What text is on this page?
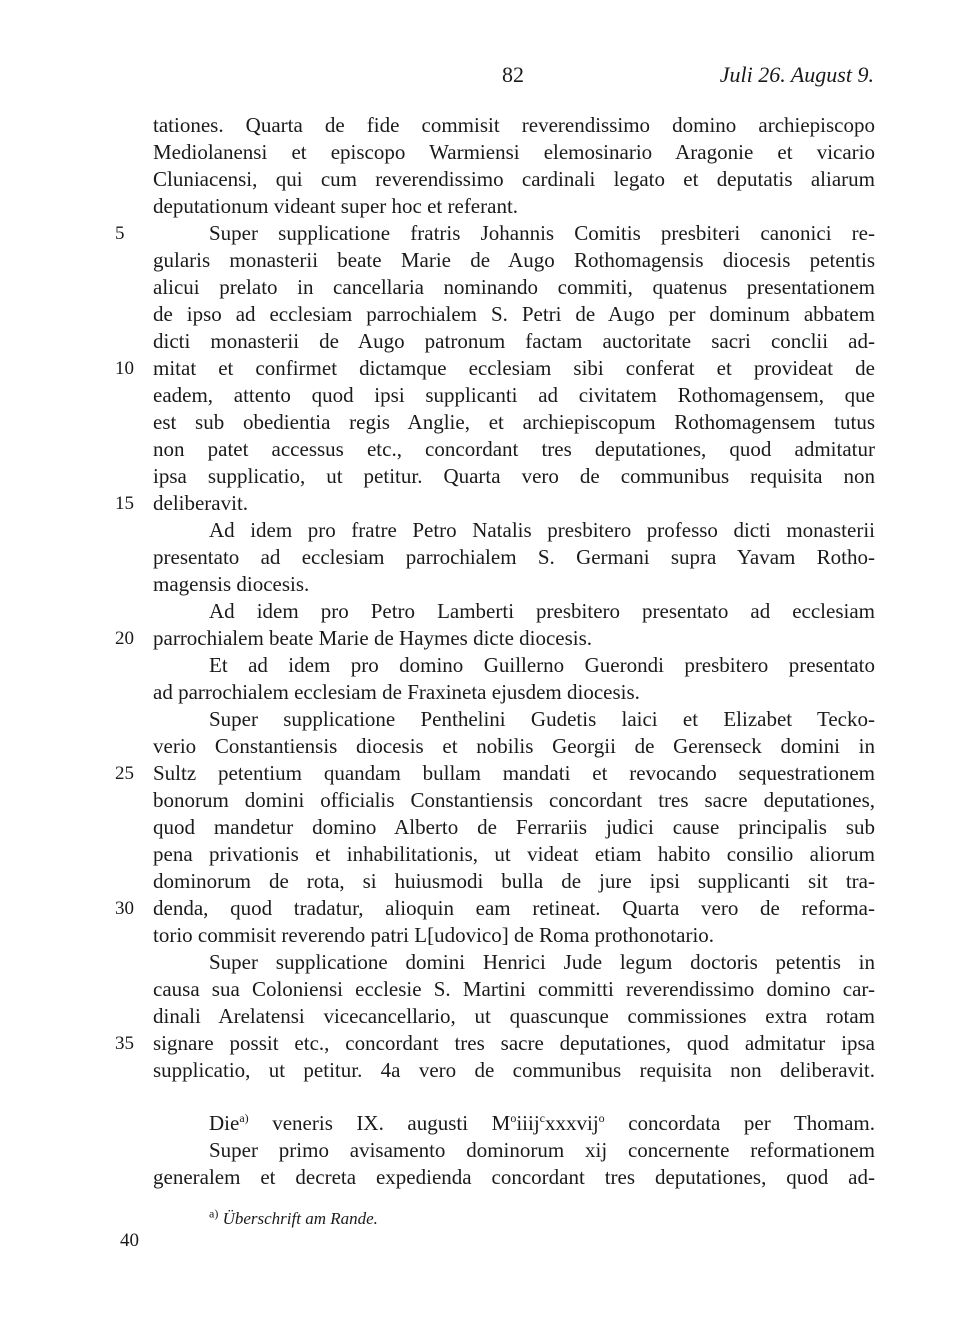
82	Juli 26. August 9.
tationes. Quarta de fide commisit reverendissimo domino archiepiscopo
Mediolanensi et episcopo Warmiensi elemosinario Aragonie et vicario
Cluniacensi, qui cum reverendissimo cardinali legato et deputatis aliarum
deputationum videant super hoc et referant.
Super supplicatione fratris Johannis Comitis presbiteri canonici re-
5
gularis monasterii beate Marie de Augo Rothomagensis diocesis petentis
alicui prelato in cancellaria nominando commiti, quatenus presentationem
de ipso ad ecclesiam parrochialem S. Petri de Augo per dominum abbatem
dicti monasterii de Augo patronum factam auctoritate sacri conclii ad-
mitat et confirmet dictamque ecclesiam sibi conferat et provideat de
10
eadem, attento quod ipsi supplicanti ad civitatem Rothomagensem, que
est sub obedientia regis Anglie, et archiepiscopum Rothomagensem tutus
non patet accessus etc., concordant tres deputationes, quod admitatur
ipsa supplicatio, ut petitur. Quarta vero de communibus requisita non
deliberavit.
15
Ad idem pro fratre Petro Natalis presbitero professo dicti monasterii
presentato ad ecclesiam parrochialem S. Germani supra Yavam Rotho-
magensis diocesis.
Ad idem pro Petro Lamberti presbitero presentato ad ecclesiam
parrochialem beate Marie de Haymes dicte diocesis.
20
Et ad idem pro domino Guillerno Guerondi presbitero presentato
ad parrochialem ecclesiam de Fraxineta ejusdem diocesis.
Super supplicatione Penthelini Gudetis laici et Elizabet Tecko-
verio Constantiensis diocesis et nobilis Georgii de Gerenseck domini in
Sultz petentium quandam bullam mandati et revocando sequestrationem
25
bonorum domini officialis Constantiensis concordant tres sacre deputationes,
quod mandetur domino Alberto de Ferrariis judici cause principalis sub
pena privationis et inhabilitationis, ut videat etiam habito consilio aliorum
dominorum de rota, si huiusmodi bulla de jure ipsi supplicanti sit tra-
denda, quod tradatur, alioquin eam retineat. Quarta vero de reforma-
30
torio commisit reverendo patri L[udovico] de Roma prothonotario.
Super supplicatione domini Henrici Jude legum doctoris petentis in
causa sua Coloniensi ecclesie S. Martini committi reverendissimo domino car-
dinali Arelatensi vicecancellario, ut quascunque commissiones extra rotam
signare possit etc., concordant tres sacre deputationes, quod admitatur ipsa
35
supplicatio, ut petitur. 4a vero de communibus requisita non deliberavit.
Die$^{a)}$ veneris IX. augusti $M^oiiij^cxxxvij^o$ concordata per Thomam.
Super primo avisamento dominorum xij concernente reformationem
generalem et decreta expedienda concordant tres deputationes, quod ad-
$^{a)}$ Überschrift am Rande.
40
